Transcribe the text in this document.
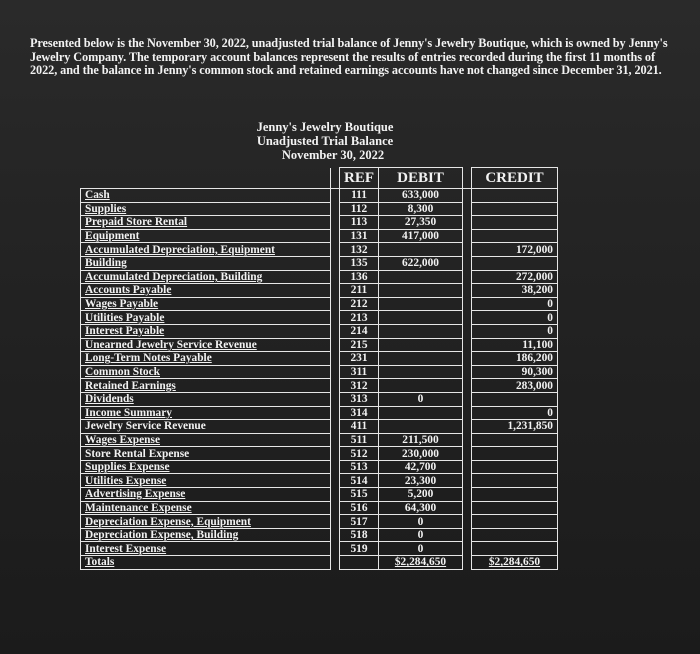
Presented below is the November 30, 2022, unadjusted trial balance of Jenny's Jewelry Boutique, which is owned by Jenny's Jewelry Company. The temporary account balances represent the results of entries recorded during the first 11 months of 2022, and the balance in Jenny's common stock and retained earnings accounts have not changed since December 31, 2021.
Jenny's Jewelry Boutique
Unadjusted Trial Balance
November 30, 2022
		REF	DEBIT		CREDIT
Cash		111	633,000		
Supplies		112	8,300		
Prepaid Store Rental		113	27,350		
Equipment		131	417,000		
Accumulated Depreciation, Equipment		132			172,000
Building		135	622,000		
Accumulated Depreciation, Building		136			272,000
Accounts Payable		211			38,200
Wages Payable		212			0
Utilities Payable		213			0
Interest Payable		214			0
Unearned Jewelry Service Revenue		215			11,100
Long-Term Notes Payable		231			186,200
Common Stock		311			90,300
Retained Earnings		312			283,000
Dividends		313	0		
Income Summary		314			0
Jewelry Service Revenue		411			1,231,850
Wages Expense		511	211,500		
Store Rental Expense		512	230,000		
Supplies Expense		513	42,700		
Utilities Expense		514	23,300		
Advertising Expense		515	5,200		
Maintenance Expense		516	64,300		
Depreciation Expense, Equipment		517	0		
Depreciation Expense, Building		518	0		
Interest Expense		519	0		
Totals			$2,284,650		$2,284,650
